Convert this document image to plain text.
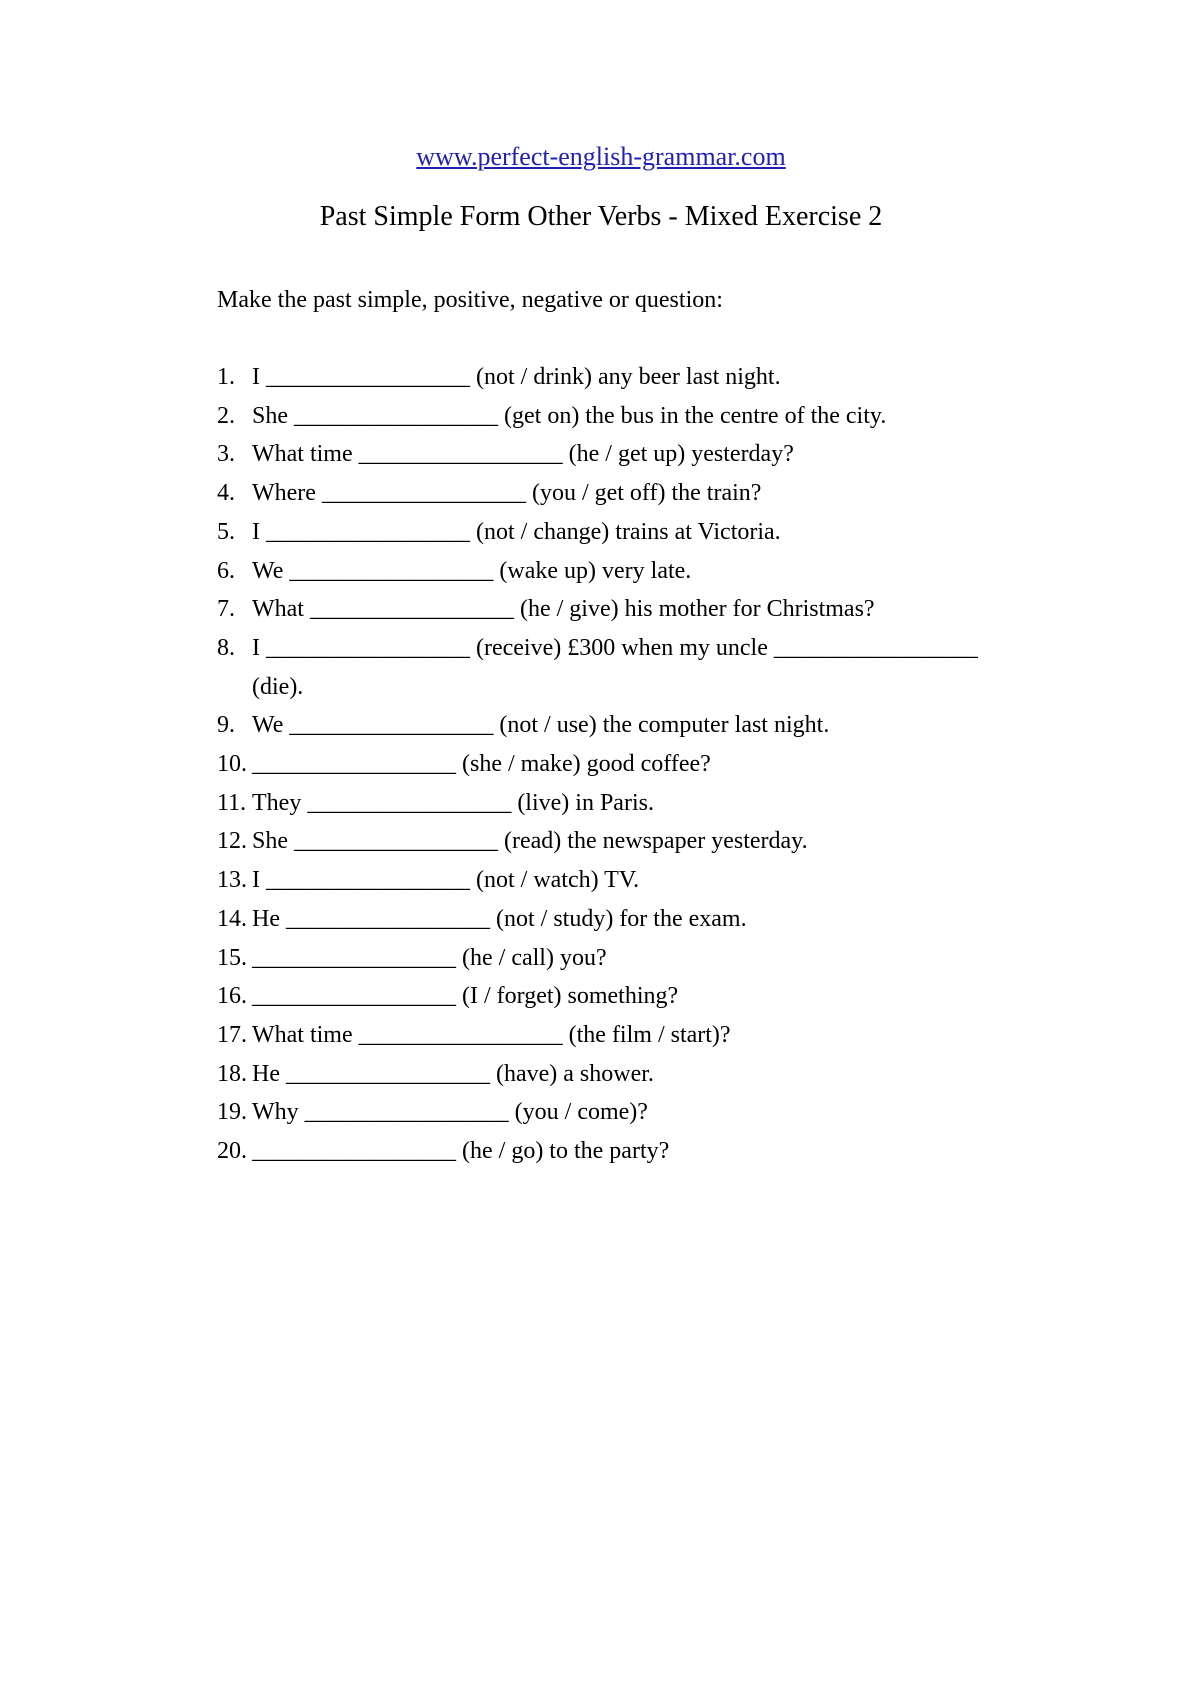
www.perfect-english-grammar.com
Past Simple Form Other Verbs - Mixed Exercise 2
Make the past simple, positive, negative or question:
1. I _________________ (not / drink) any beer last night.
2. She _________________ (get on) the bus in the centre of the city.
3. What time _________________ (he / get up) yesterday?
4. Where _________________ (you / get off) the train?
5. I _________________ (not / change) trains at Victoria.
6. We _________________ (wake up) very late.
7. What _________________ (he / give) his mother for Christmas?
8. I _________________ (receive) £300 when my uncle _________________
(die).
9. We _________________ (not / use) the computer last night.
10. _________________ (she / make) good coffee?
11. They _________________ (live) in Paris.
12. She _________________ (read) the newspaper yesterday.
13. I _________________ (not / watch) TV.
14. He _________________ (not / study) for the exam.
15. _________________ (he / call) you?
16. _________________ (I / forget) something?
17. What time _________________ (the film / start)?
18. He _________________ (have) a shower.
19. Why _________________ (you / come)?
20. _________________ (he / go) to the party?
